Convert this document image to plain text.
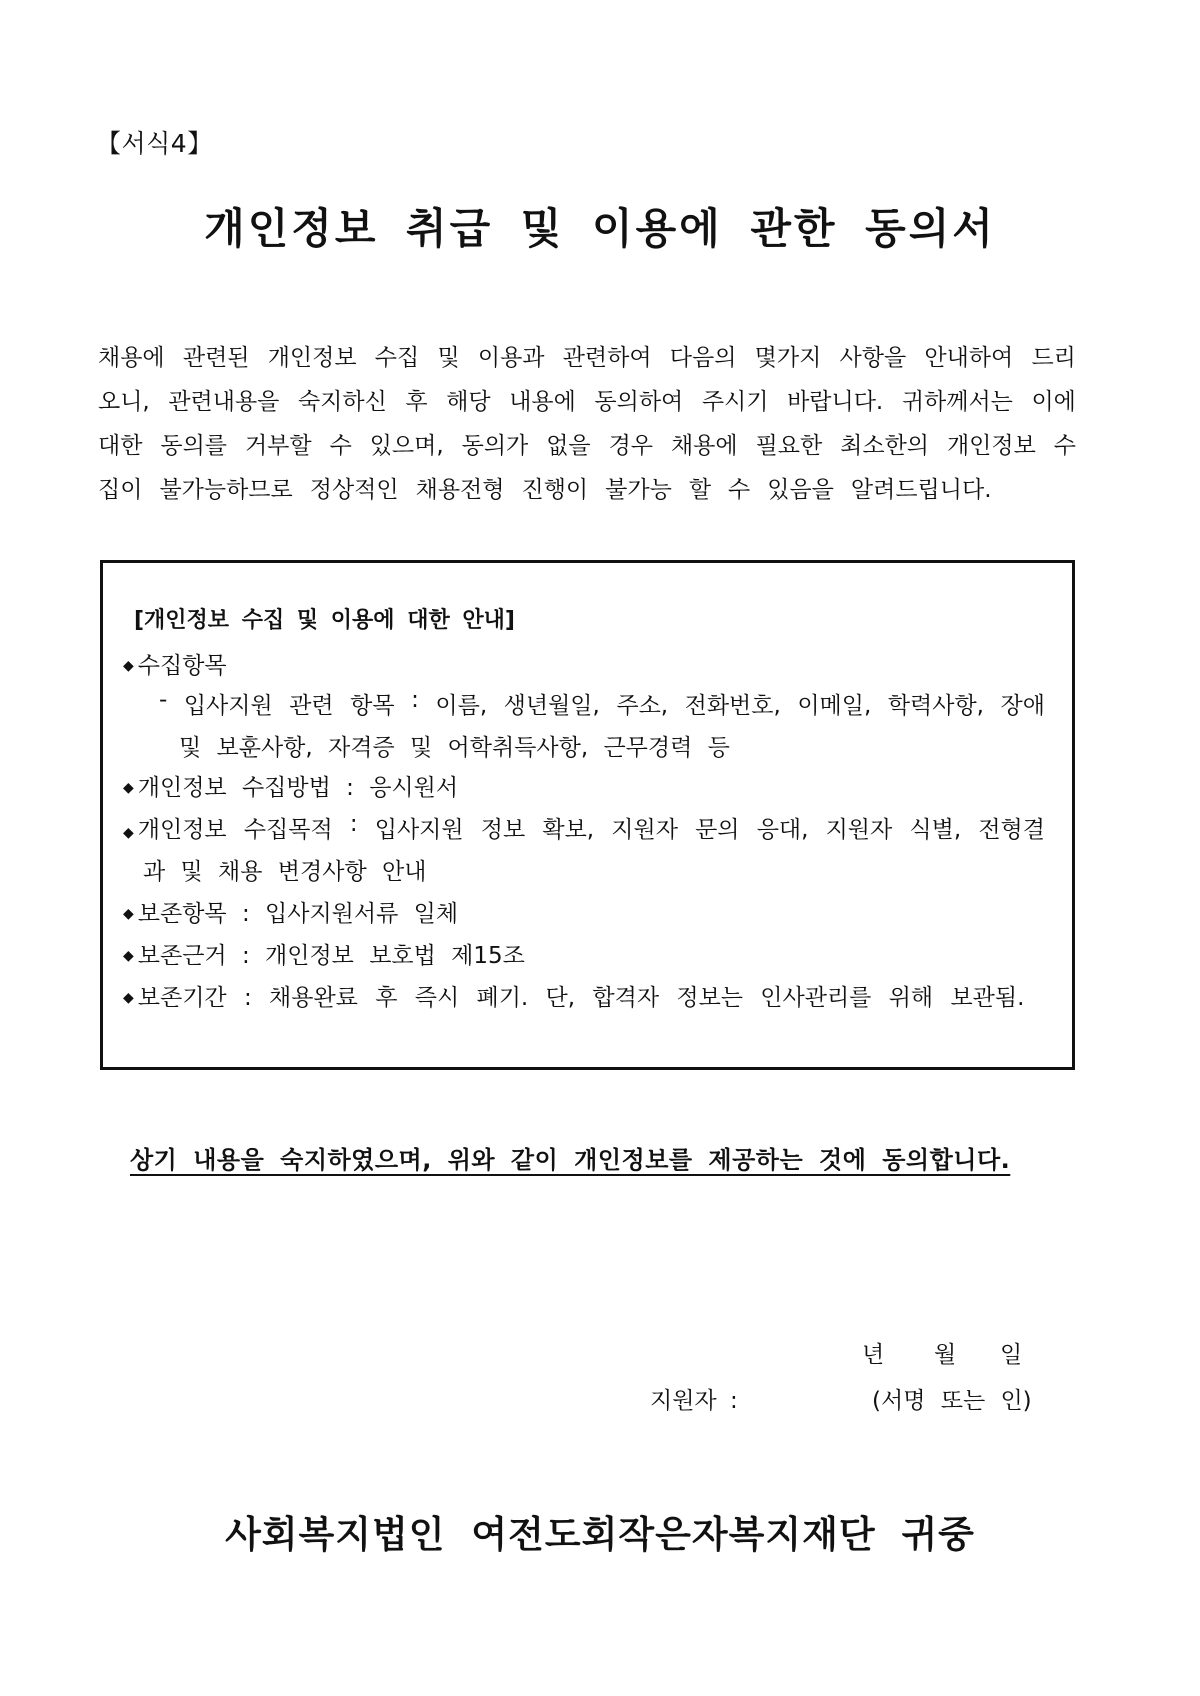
【서식4】
개인정보 취급 및 이용에 관한 동의서
채용에 관련된 개인정보 수집 및 이용과 관련하여 다음의 몇가지 사항을 안내하여 드리
오니, 관련내용을 숙지하신 후 해당 내용에 동의하여 주시기 바랍니다. 귀하께서는 이에
대한 동의를 거부할 수 있으며, 동의가 없을 경우 채용에 필요한 최소한의 개인정보 수
집이 불가능하므로 정상적인 채용전형 진행이 불가능 할 수 있음을 알려드립니다.
[개인정보 수집 및 이용에 대한 안내]
◆ 수집항목
- 입사지원 관련 항목 : 이름, 생년월일, 주소, 전화번호, 이메일, 학력사항, 장애
및 보훈사항, 자격증 및 어학취득사항, 근무경력 등
◆ 개인정보 수집방법 : 응시원서
◆ 개인정보 수집목적 : 입사지원 정보 확보, 지원자 문의 응대, 지원자 식별, 전형결
과 및 채용 변경사항 안내
◆ 보존항목 : 입사지원서류 일체
◆ 보존근거 : 개인정보 보호법 제15조
◆ 보존기간 : 채용완료 후 즉시 폐기. 단, 합격자 정보는 인사관리를 위해 보관됨.
상기 내용을 숙지하였으며, 위와 같이 개인정보를 제공하는 것에 동의합니다.
년 월 일
지원자 :	(서명 또는 인)
사회복지법인 여전도회작은자복지재단 귀중
